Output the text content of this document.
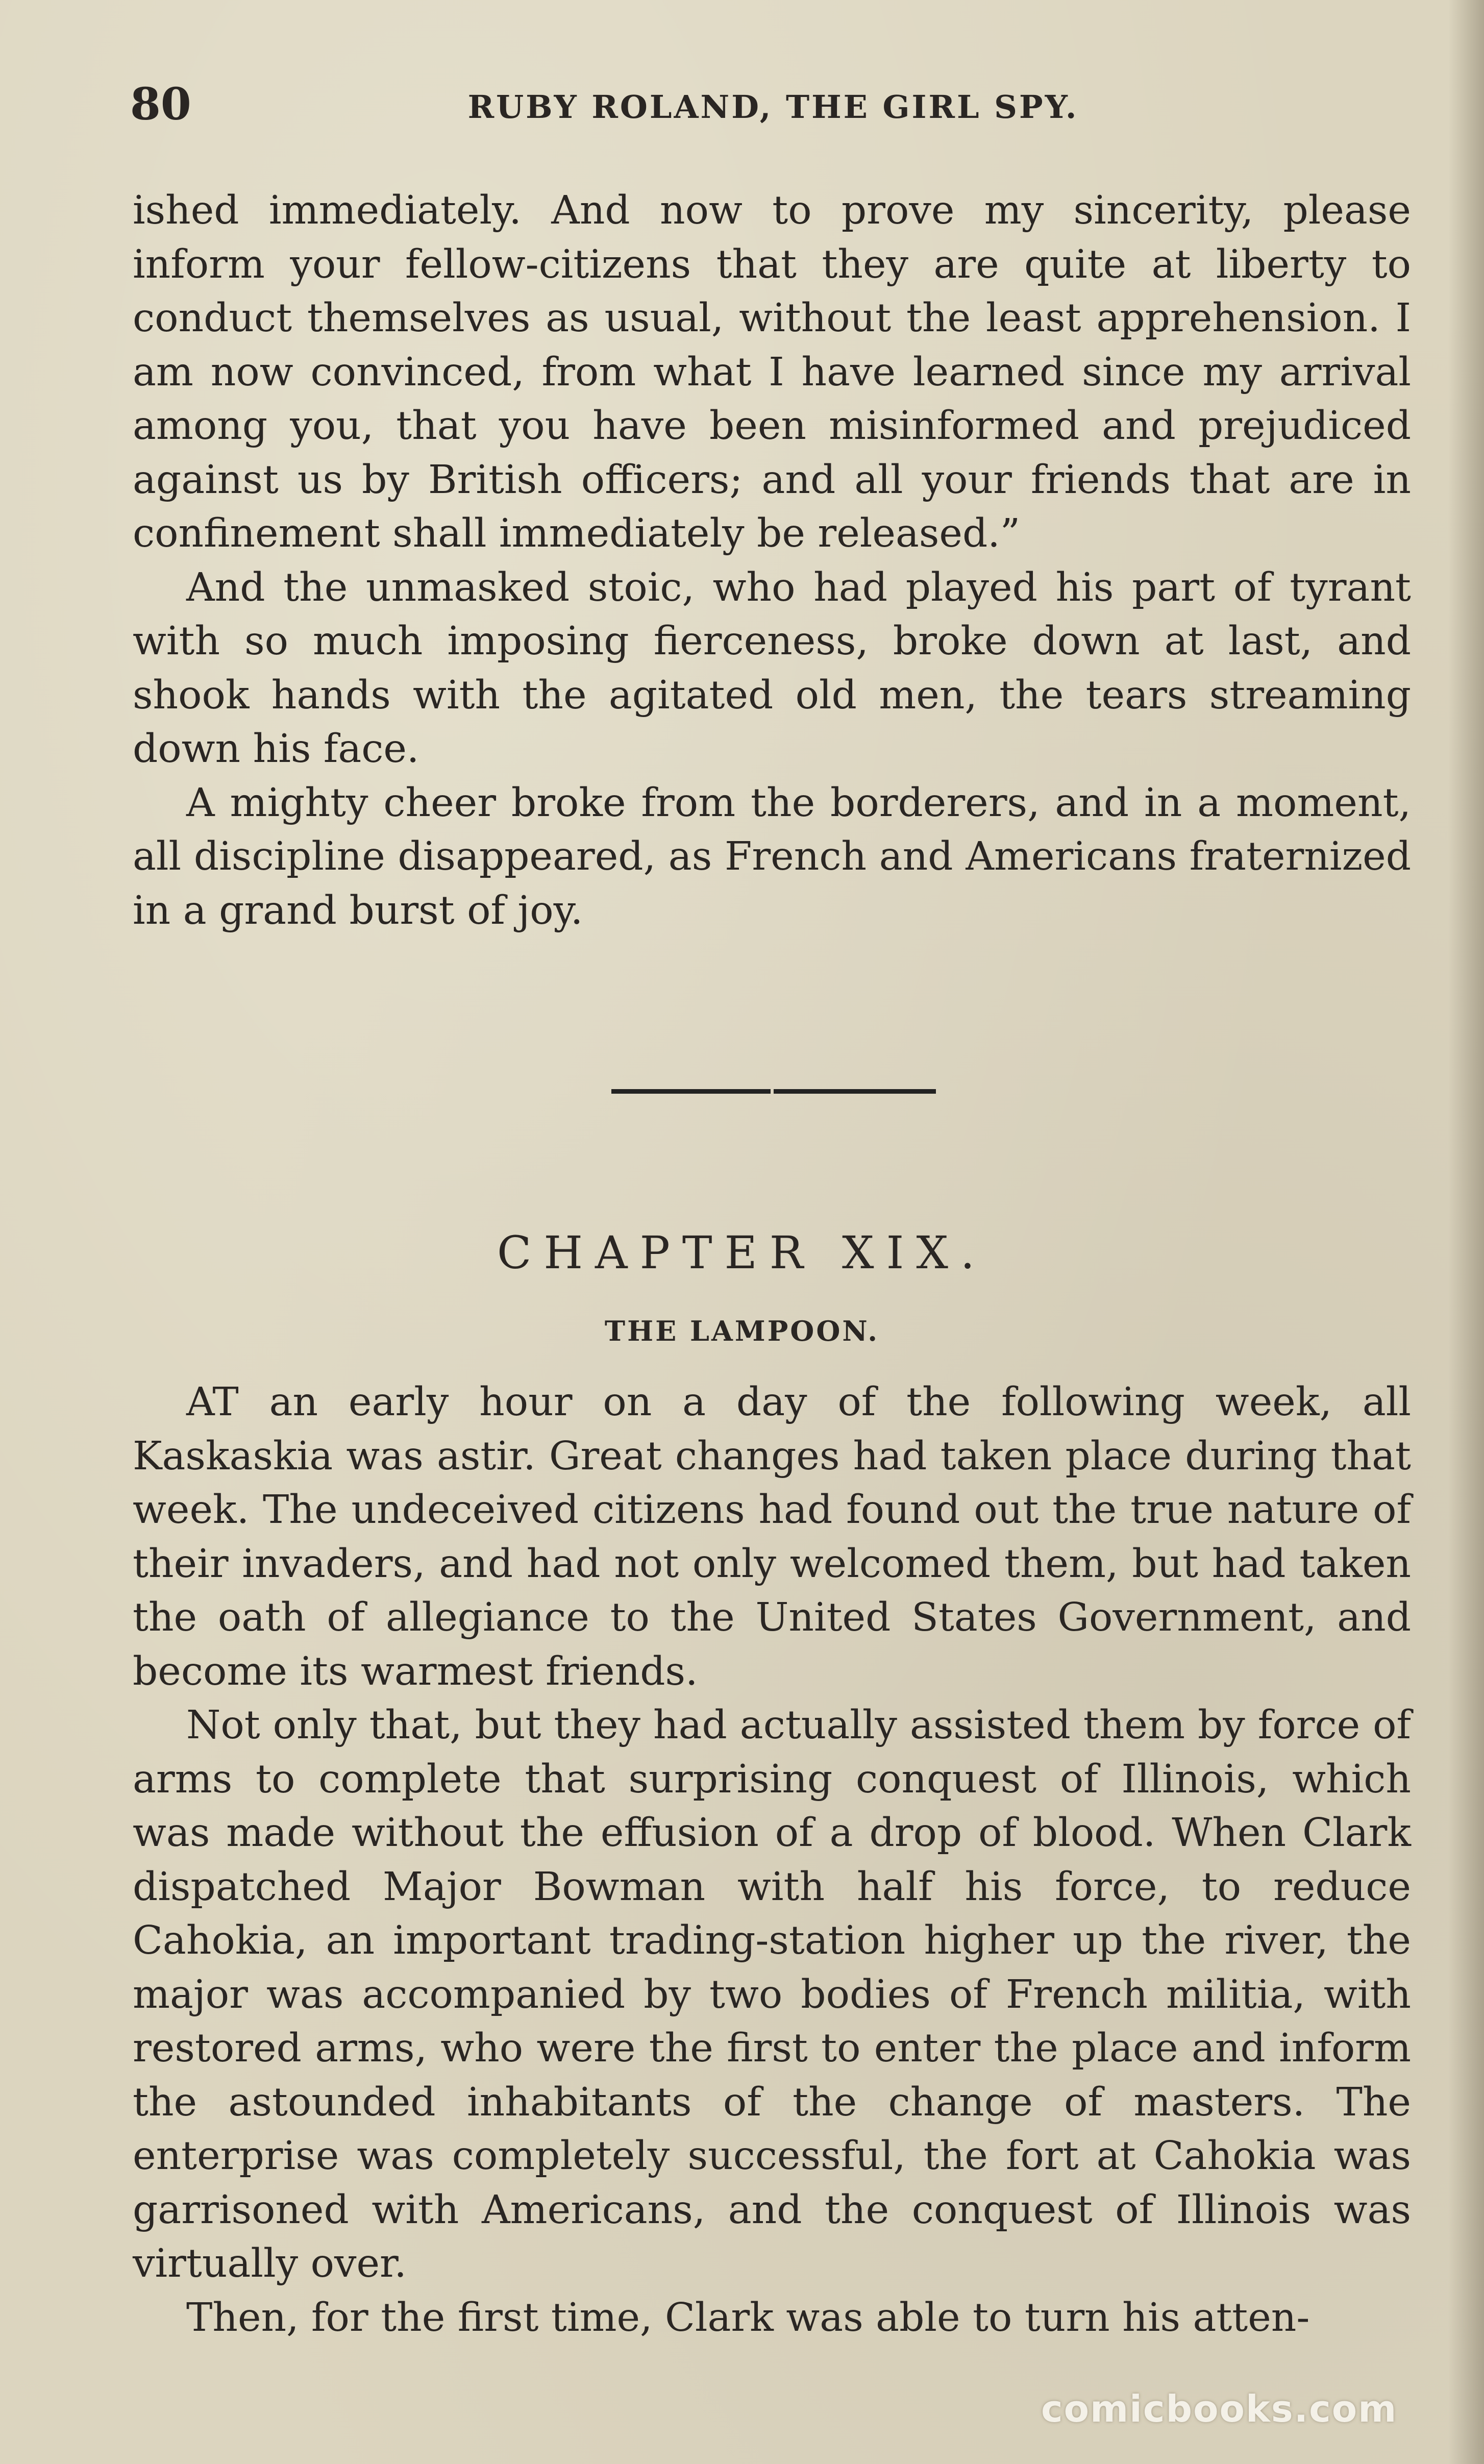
80	RUBY ROLAND, THE GIRL SPY.

ished immediately. And now to prove my sincerity, please inform your fellow-citizens that they are quite at liberty to conduct themselves as usual, without the least apprehension. I am now convinced, from what I have learned since my arrival among you, that you have been misinformed and prejudiced against us by British officers; and all your friends that are in confinement shall immediately be released.”

And the unmasked stoic, who had played his part of tyrant with so much imposing fierceness, broke down at last, and shook hands with the agitated old men, the tears streaming down his face.

A mighty cheer broke from the borderers, and in a moment, all discipline disappeared, as French and Americans fraternized in a grand burst of joy.

CHAPTER XIX.
THE LAMPOON.

AT an early hour on a day of the following week, all Kaskaskia was astir. Great changes had taken place during that week. The undeceived citizens had found out the true nature of their invaders, and had not only welcomed them, but had taken the oath of allegiance to the United States Government, and become its warmest friends.

Not only that, but they had actually assisted them by force of arms to complete that surprising conquest of Illinois, which was made without the effusion of a drop of blood. When Clark dispatched Major Bowman with half his force, to reduce Cahokia, an important trading-station higher up the river, the major was accompanied by two bodies of French militia, with restored arms, who were the first to enter the place and inform the astounded inhabitants of the change of masters. The enterprise was completely successful, the fort at Cahokia was garrisoned with Americans, and the conquest of Illinois was virtually over.

Then, for the first time, Clark was able to turn his atten-

comicbooks.com
